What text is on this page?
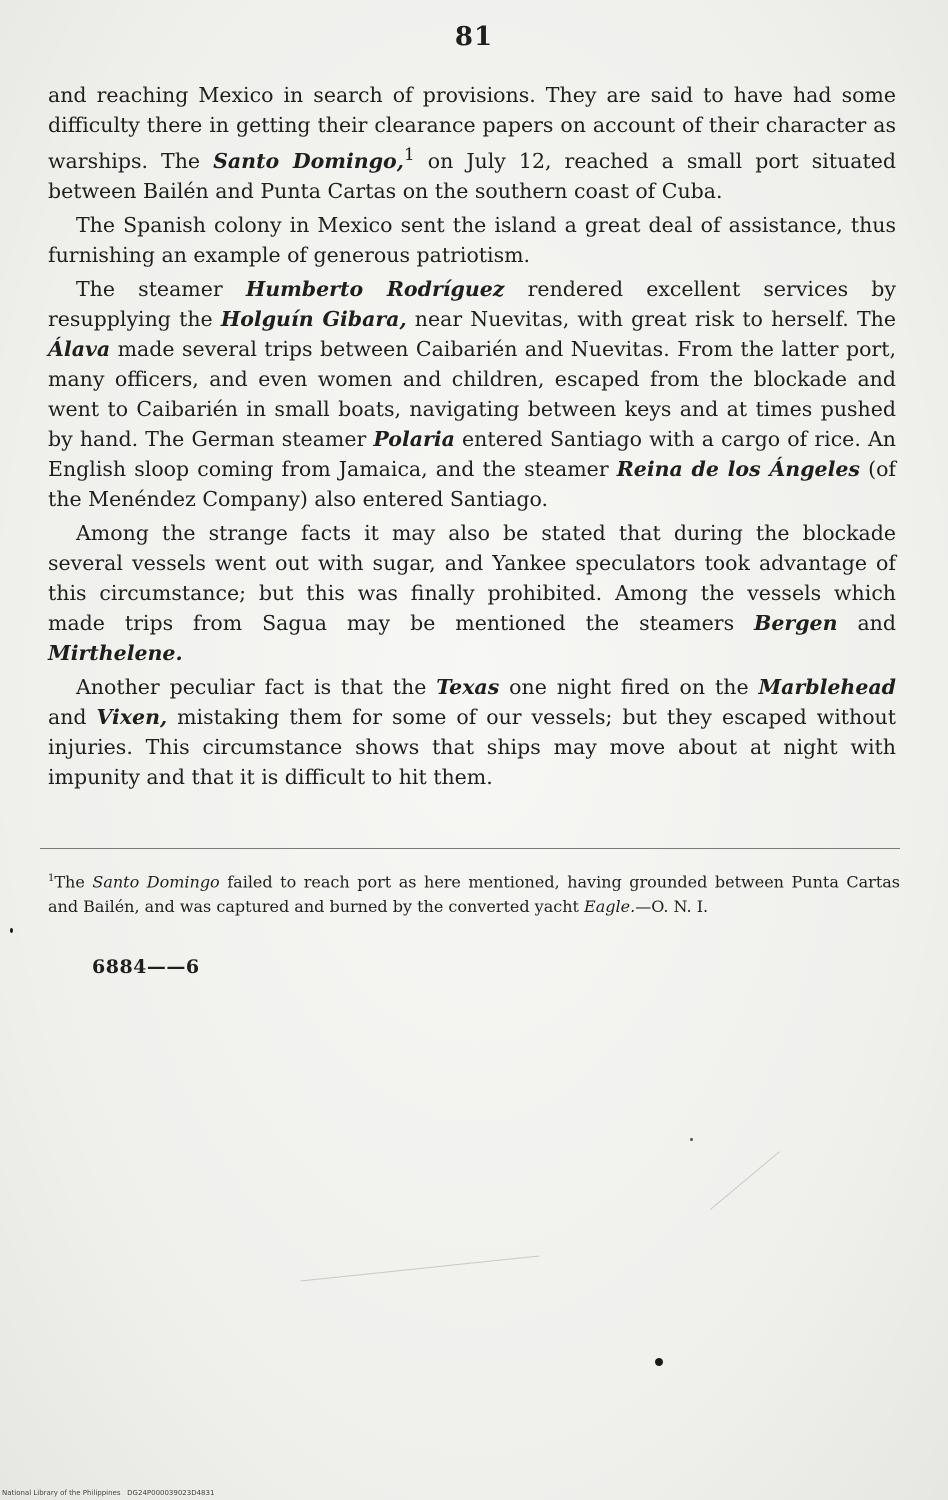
81

and reaching Mexico in search of provisions. They are said to have had some difficulty there in getting their clearance papers on account of their character as warships. The Santo Domingo,$^1$ on July 12, reached a small port situated between Bailén and Punta Cartas on the southern coast of Cuba.

The Spanish colony in Mexico sent the island a great deal of assistance, thus furnishing an example of generous patriotism.

The steamer Humberto Rodríguez rendered excellent services by resupplying the Holguín Gibara, near Nuevitas, with great risk to herself. The Álava made several trips between Caibarién and Nuevitas. From the latter port, many officers, and even women and children, escaped from the blockade and went to Caibarién in small boats, navigating between keys and at times pushed by hand. The German steamer Polaria entered Santiago with a cargo of rice. An English sloop coming from Jamaica, and the steamer Reina de los Ángeles (of the Menéndez Company) also entered Santiago.

Among the strange facts it may also be stated that during the blockade several vessels went out with sugar, and Yankee speculators took advantage of this circumstance; but this was finally prohibited. Among the vessels which made trips from Sagua may be mentioned the steamers Bergen and Mirthelene.

Another peculiar fact is that the Texas one night fired on the Marblehead and Vixen, mistaking them for some of our vessels; but they escaped without injuries. This circumstance shows that ships may move about at night with impunity and that it is difficult to hit them.

$^1$The Santo Domingo failed to reach port as here mentioned, having grounded between Punta Cartas and Bailén, and was captured and burned by the converted yacht Eagle.—O. N. I.
6884——6
National Library of the Philippines   DG24P000039023D4831
